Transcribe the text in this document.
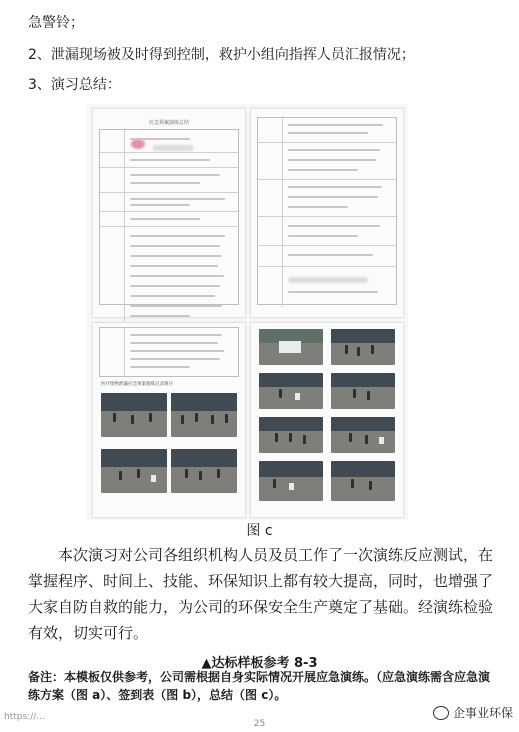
急警铃；
2、泄漏现场被及时得到控制，救护小组向指挥人员汇报情况；
3、演习总结：
应急预案演练总结
医疗废物泄漏应急预案演练记录图片
图 c
本次演习对公司各组织机构人员及员工作了一次演练反应测试，在掌握程序、时间上、技能、环保知识上都有较大提高，同时，也增强了大家自防自救的能力，为公司的环保安全生产奠定了基础。经演练检验有效，切实可行。
▲达标样板参考 8-3
备注：本模板仅供参考，公司需根据自身实际情况开展应急演练。（应急演练需含应急演练方案（图 a）、签到表（图 b），总结（图 c）。
25
https://...	企事业环保
